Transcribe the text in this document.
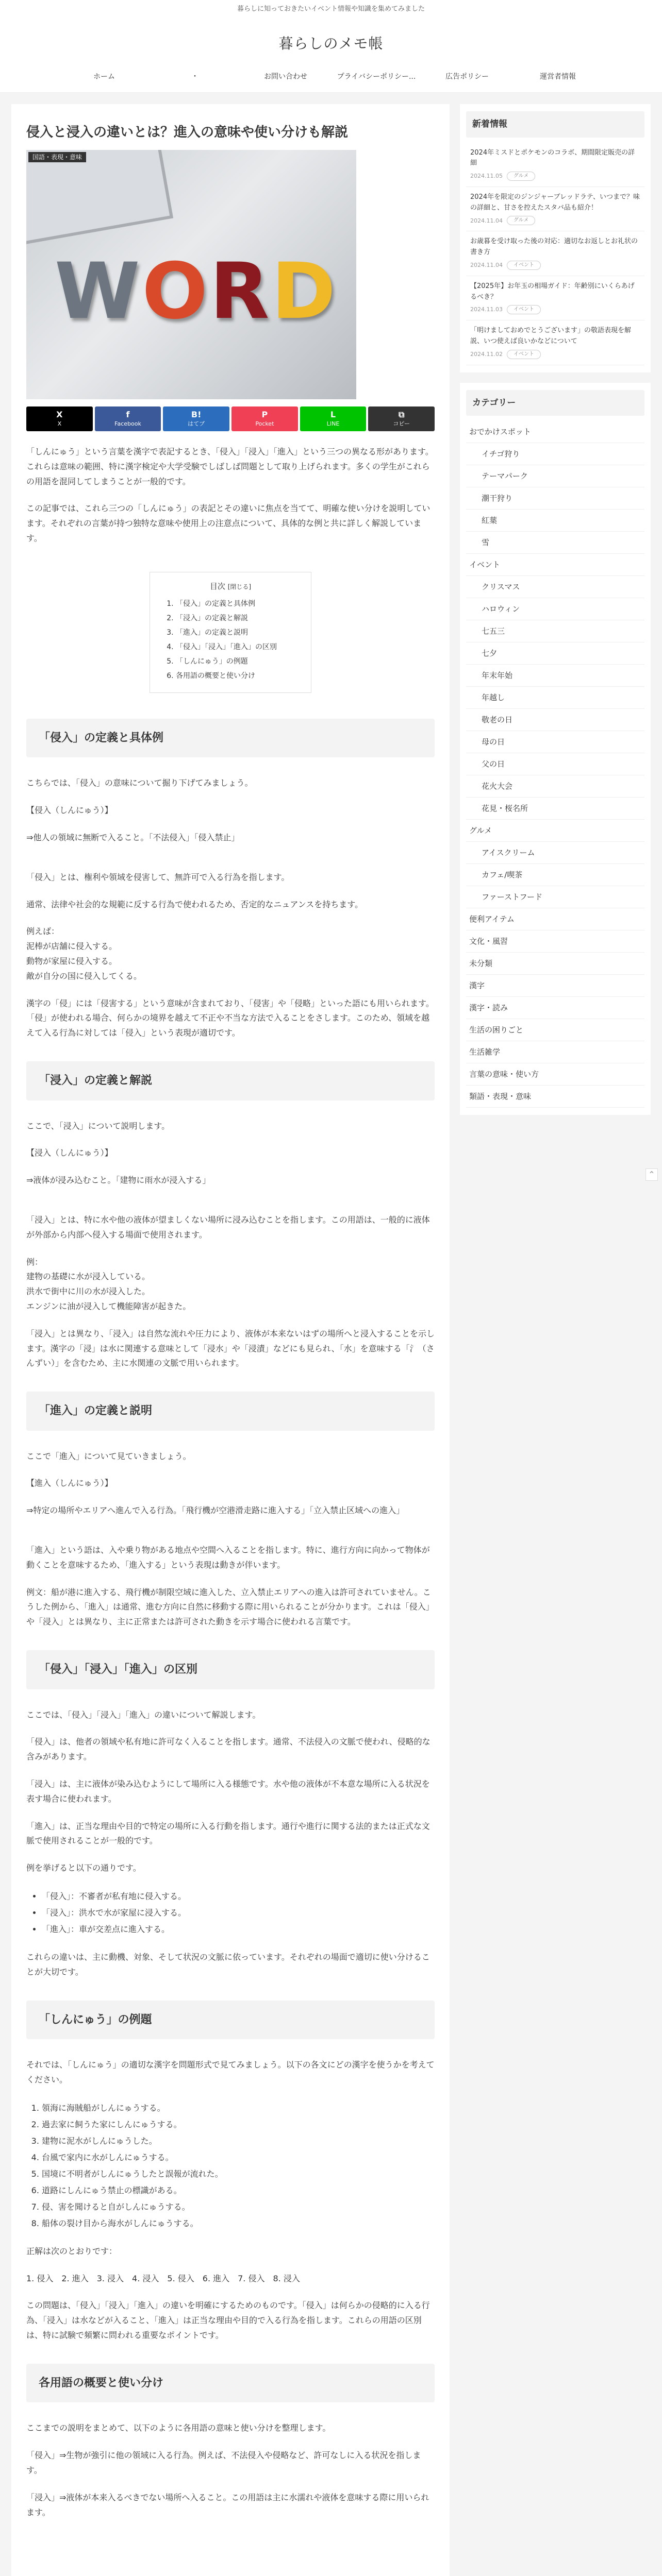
暮らしに知っておきたいイベント情報や知識を集めてみました
暮らしのメモ帳
ホーム	・	お問い合わせ	プライバシーポリシー...	広告ポリシー	運営者情報
侵入と浸入の違いとは？進入の意味や使い分けも解説
国語・表現・意味
W O R D
X
X
f
Facebook
B!
はてブ
P
Pocket
L
LINE
⧉
コピー

「しんにゅう」という言葉を漢字で表記するとき、「侵入」「浸入」「進入」という三つの異なる形があります。これらは意味の範囲、特に漢字検定や大学受験でしばしば問題として取り上げられます。多くの学生がこれらの用語を混同してしまうことが一般的です。

この記事では、これら三つの「しんにゅう」の表記とその違いに焦点を当てて、明確な使い分けを説明しています。それぞれの言葉が持つ独特な意味や使用上の注意点について、具体的な例と共に詳しく解説しています。

目次 [閉じる]
1. 「侵入」の定義と具体例
2. 「浸入」の定義と解説
3. 「進入」の定義と説明
4. 「侵入」「浸入」「進入」の区別
5. 「しんにゅう」の例題
6. 各用語の概要と使い分け
「侵入」の定義と具体例

こちらでは、「侵入」の意味について掘り下げてみましょう。

【侵入（しんにゅう）】

⇒他人の領域に無断で入ること。「不法侵入」「侵入禁止」

「侵入」とは、権利や領域を侵害して、無許可で入る行為を指します。

通常、法律や社会的な規範に反する行為で使われるため、否定的なニュアンスを持ちます。

例えば：
泥棒が店舗に侵入する。
動物が家屋に侵入する。
敵が自分の国に侵入してくる。

漢字の「侵」には「侵害する」という意味が含まれており、「侵害」や「侵略」といった語にも用いられます。「侵」が使われる場合、何らかの境界を越えて不正や不当な方法で入ることをさします。このため、領域を越えて入る行為に対しては「侵入」という表現が適切です。

「浸入」の定義と解説

ここで、「浸入」について説明します。

【浸入（しんにゅう）】

⇒液体が浸み込むこと。「建物に雨水が浸入する」

「浸入」とは、特に水や他の液体が望ましくない場所に浸み込むことを指します。この用語は、一般的に液体が外部から内部へ侵入する場面で使用されます。

例：
建物の基礎に水が浸入している。
洪水で街中に川の水が浸入した。
エンジンに油が浸入して機能障害が起きた。

「浸入」とは異なり、「浸入」は自然な流れや圧力により、液体が本来ないはずの場所へと浸入することを示します。漢字の「浸」は水に関連する意味として「浸水」や「浸漬」などにも見られ、「水」を意味する「氵（さんずい）」を含むため、主に水関連の文脈で用いられます。

「進入」の定義と説明

ここで「進入」について見ていきましょう。

【進入（しんにゅう）】

⇒特定の場所やエリアへ進んで入る行為。「飛行機が空港滑走路に進入する」「立入禁止区域への進入」

「進入」という語は、入や乗り物がある地点や空間へ入ることを指します。特に、進行方向に向かって物体が動くことを意味するため、「進入する」という表現は動きが伴います。

例文：船が港に進入する、飛行機が制限空域に進入した、立入禁止エリアへの進入は許可されていません。こうした例から、「進入」は通常、進む方向に自然に移動する際に用いられることが分かります。これは「侵入」や「浸入」とは異なり、主に正常または許可された動きを示す場合に使われる言葉です。

「侵入」「浸入」「進入」の区別

ここでは、「侵入」「浸入」「進入」の違いについて解説します。

「侵入」は、他者の領域や私有地に許可なく入ることを指します。通常、不法侵入の文脈で使われ、侵略的な含みがあります。

「浸入」は、主に液体が染み込むようにして場所に入る様態です。水や他の液体が不本意な場所に入る状況を表す場合に使われます。

「進入」は、正当な理由や目的で特定の場所に入る行動を指します。通行や進行に関する法的または正式な文脈で使用されることが一般的です。

例を挙げると以下の通りです。

• 「侵入」：不審者が私有地に侵入する。
• 「浸入」：洪水で水が家屋に浸入する。
• 「進入」：車が交差点に進入する。

これらの違いは、主に動機、対象、そして状況の文脈に依っています。それぞれの場面で適切に使い分けることが大切です。

「しんにゅう」の例題

それでは、「しんにゅう」の適切な漢字を問題形式で見てみましょう。以下の各文にどの漢字を使うかを考えてください。

1. 領海に海賊船がしんにゅうする。
2. 過去家に飼うた家にしんにゅうする。
3. 建物に泥水がしんにゅうした。
4. 台風で家内に水がしんにゅうする。
5. 国境に不明者がしんにゅうしたと誤報が流れた。
6. 道路にしんにゅう禁止の標識がある。
7. 侵、害を聞けると自がしんにゅうする。
8. 船体の裂け目から海水がしんにゅうする。

正解は次のとおりです：

1. 侵入　2. 進入　3. 浸入　4. 浸入　5. 侵入　6. 進入　7. 侵入　8. 浸入

この問題は、「侵入」「浸入」「進入」の違いを明確にするためのものです。「侵入」は何らかの侵略的に入る行為、「浸入」は水などが入ること、「進入」は正当な理由や目的で入る行為を指します。これらの用語の区別は、特に試験で頻繁に問われる重要なポイントです。

各用語の概要と使い分け

ここまでの説明をまとめて、以下のように各用語の意味と使い分けを整理します。

「侵入」⇒生物が強引に他の領域に入る行為。例えば、不法侵入や侵略など、許可なしに入る状況を指します。

「浸入」⇒液体が本来入るべきでない場所へ入ること。この用語は主に水濡れや液体を意味する際に用いられます。

新着情報
2024年ミスドとポケモンのコラボ、期間限定販売の詳細
2024.11.05	グルメ
2024年を限定のジンジャーブレッドラテ、いつまで？味の詳細と、甘さを控えたスタバ品も紹介！
2024.11.04	グルメ
お歳暮を受け取った後の対応：適切なお返しとお礼状の書き方
2024.11.04	イベント
【2025年】お年玉の相場ガイド：年齢別にいくらあげるべき？
2024.11.03	イベント
「明けましておめでとうございます」の敬語表現を解説、いつ使えば良いかなどについて
2024.11.02	イベント
カテゴリー
おでかけスポット
イチゴ狩り
テーマパーク
潮干狩り
紅葉
雪
イベント
クリスマス
ハロウィン
七五三
七夕
年末年始
年越し
敬老の日
母の日
父の日
花火大会
花見・桜名所
グルメ
アイスクリーム
カフェ/喫茶
ファーストフード
便利アイテム
文化・風習
未分類
漢字
漢字・読み
生活の困りごと
生活雑学
言葉の意味・使い方
類語・表現・意味
⌃
